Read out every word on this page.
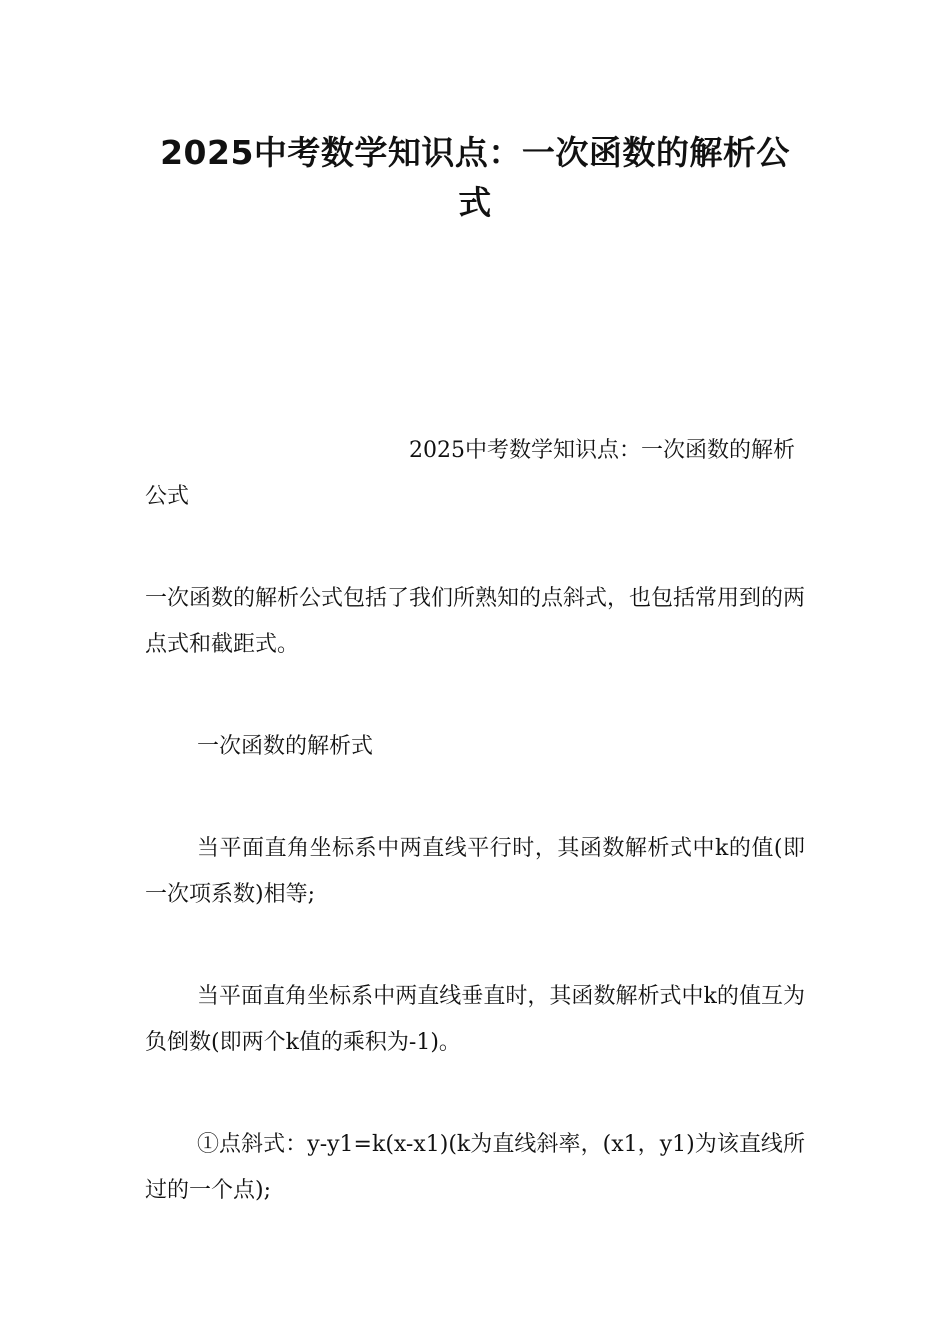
2025中考数学知识点：一次函数的解析公式

2025中考数学知识点：一次函数的解析公式

一次函数的解析公式包括了我们所熟知的点斜式，也包括常用到的两点式和截距式。

一次函数的解析式

当平面直角坐标系中两直线平行时，其函数解析式中k的值(即一次项系数)相等;

当平面直角坐标系中两直线垂直时，其函数解析式中k的值互为负倒数(即两个k值的乘积为-1)。

①点斜式：y-y1=k(x-x1)(k为直线斜率，(x1，y1)为该直线所过的一个点);
